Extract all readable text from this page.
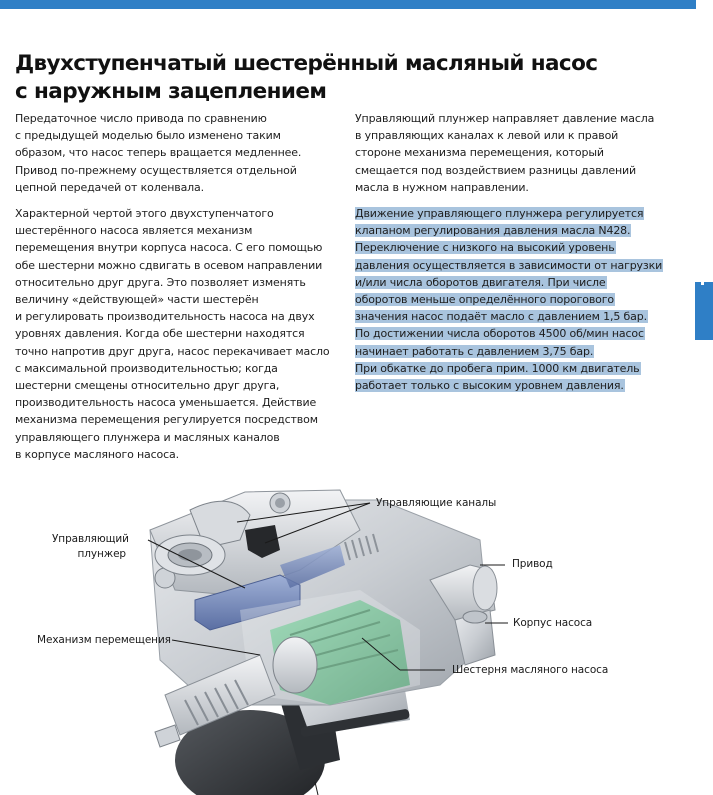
Двухступенчатый шестерённый масляный насос
с наружным зацеплением

Передаточное число привода по сравнению
с предыдущей моделью было изменено таким
образом, что насос теперь вращается медленнее.
Привод по-прежнему осуществляется отдельной
цепной передачей от коленвала.

Характерной чертой этого двухступенчатого
шестерённого насоса является механизм
перемещения внутри корпуса насоса. С его помощью
обе шестерни можно сдвигать в осевом направлении
относительно друг друга. Это позволяет изменять
величину «действующей» части шестерён
и регулировать производительность насоса на двух
уровнях давления. Когда обе шестерни находятся
точно напротив друг друга, насос перекачивает масло
с максимальной производительностью; когда
шестерни смещены относительно друг друга,
производительность насоса уменьшается. Действие
механизма перемещения регулируется посредством
управляющего плунжера и масляных каналов
в корпусе масляного насоса.

Управляющий плунжер направляет давление масла
в управляющих каналах к левой или к правой
стороне механизма перемещения, который
смещается под воздействием разницы давлений
масла в нужном направлении.

Движение управляющего плунжера регулируется клапаном регулирования давления масла N428. Переключение с низкого на высокий уровень давления осуществляется в зависимости от нагрузки и/или числа оборотов двигателя. При числе оборотов меньше определённого порогового значения насос подаёт масло с давлением 1,5 бар. По достижении числа оборотов 4500 об/мин насос начинает работать с давлением 3,75 бар. При обкатке до пробега прим. 1000 км двигатель работает только с высоким уровнем давления.

Управляющий
плунжер
Управляющие каналы
Привод
Корпус насоса
Механизм перемещения
Шестерня масляного насоса
